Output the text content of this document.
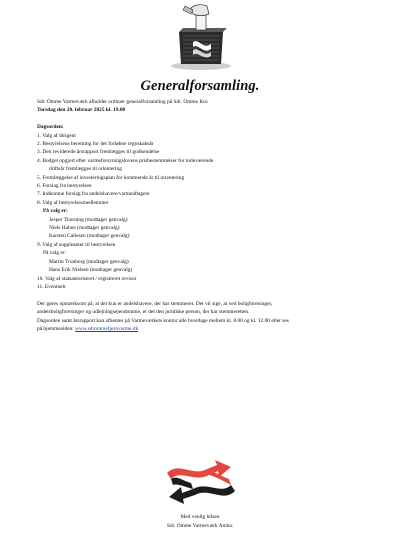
Generalforsamling.
Sdr. Omme Varmeværk afholder ordinær generalforsamling på Sdr. Omme Kro
Torsdag den 20. februar 2025 kl. 19.00
Dagsorden:
1. Valg af dirigent
2. Bestyrelsens beretning for det forløbne regnskabsår
3. Den reviderede årsrapport fremlægges til godkendelse
4. Budget opgjort efter varmeforsyningslovens prisbestemmelser for indeværende
driftsår fremlægges til orientering
5. Fremlæggelse af investeringsplan for kommende år til orientering
6. Forslag fra bestyrelsen
7. Indkomne forslag fra andelshavere/varmeaftagere
8. Valg af bestyrelsesmedlemmer
På valg er:
Jesper Thorning (modtager genvalg)
Niels Hahne (modtager genvalg)
Karsten Callesen (modtager genvalg)
9. Valg af suppleanter til bestyrelsen
På valg er:
Martin Tronborg (modtager genvalg)
Hans Erik Nielsen (modtager genvalg)
10. Valg af statsautoriseret / registreret revisor
11. Eventuelt
Der gøres opmærksom på, at det kun er andelshavere, der har stemmeret. Det vil sige, at ved boligforeninger,
andelsboligforeninger og udlejningsejendomme, er det den juridiske person, der har stemmeretten.
Dagsorden samt årsrapport kan afhentes på Varmeværkets kontor alle hverdage mellem kl. 8.00 og kl. 12.00 eller ses
på hjemmesiden: www.sdrommefjernvarme.dk
Med venlig hilsen
Sdr. Omme Varmeværk Amba.
